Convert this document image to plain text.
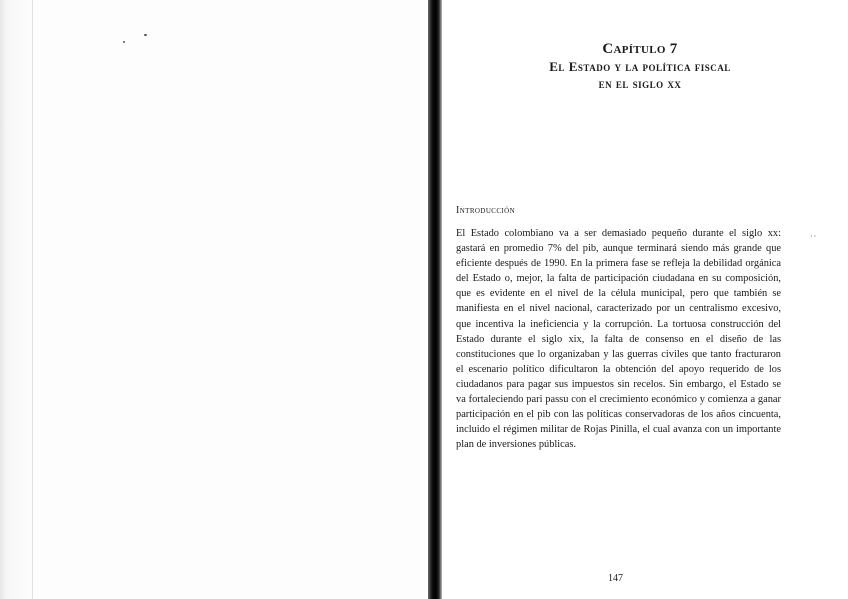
Capítulo 7
El Estado y la política fiscal
en el siglo xx
Introducción

El Estado colombiano va a ser demasiado pequeño durante el siglo xx: gastará en promedio 7% del pib, aunque terminará siendo más grande que eficiente después de 1990. En la primera fase se refleja la debilidad orgánica del Estado o, mejor, la falta de participación ciudadana en su composición, que es evidente en el nivel de la célula municipal, pero que también se manifiesta en el nivel nacional, caracterizado por un centralismo excesivo, que incentiva la ineficiencia y la corrupción. La tortuosa construcción del Estado durante el siglo xix, la falta de consenso en el diseño de las constituciones que lo organizaban y las guerras civiles que tanto fracturaron el escenario político dificultaron la obtención del apoyo requerido de los ciudadanos para pagar sus impuestos sin recelos. Sin embargo, el Estado se va fortaleciendo pari passu con el crecimiento económico y comienza a ganar participación en el pib con las políticas conservadoras de los años cincuenta, incluido el régimen militar de Rojas Pinilla, el cual avanza con un importante plan de inversiones públicas.

··
147
